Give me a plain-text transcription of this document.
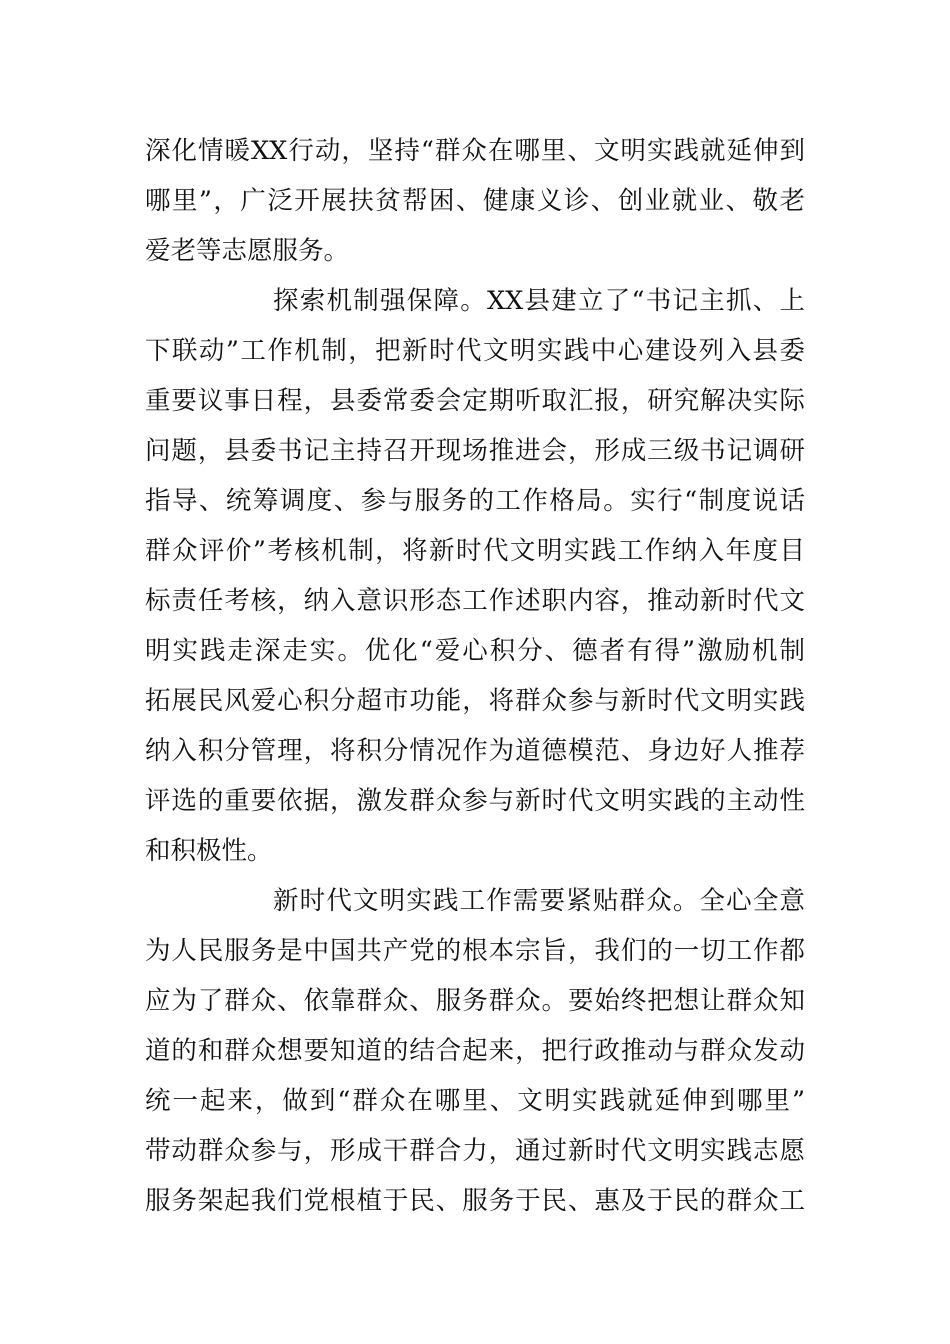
深化情暖XX行动，坚持“群众在哪里、文明实践就延伸到
哪里”，广泛开展扶贫帮困、健康义诊、创业就业、敬老
爱老等志愿服务。
探索机制强保障。XX县建立了“书记主抓、上
下联动”工作机制，把新时代文明实践中心建设列入县委
重要议事日程，县委常委会定期听取汇报，研究解决实际
问题，县委书记主持召开现场推进会，形成三级书记调研
指导、统筹调度、参与服务的工作格局。实行“制度说话
群众评价”考核机制，将新时代文明实践工作纳入年度目
标责任考核，纳入意识形态工作述职内容，推动新时代文
明实践走深走实。优化“爱心积分、德者有得”激励机制
拓展民风爱心积分超市功能，将群众参与新时代文明实践
纳入积分管理，将积分情况作为道德模范、身边好人推荐
评选的重要依据，激发群众参与新时代文明实践的主动性
和积极性。
新时代文明实践工作需要紧贴群众。全心全意
为人民服务是中国共产党的根本宗旨，我们的一切工作都
应为了群众、依靠群众、服务群众。要始终把想让群众知
道的和群众想要知道的结合起来，把行政推动与群众发动
统一起来，做到“群众在哪里、文明实践就延伸到哪里”
带动群众参与，形成干群合力，通过新时代文明实践志愿
服务架起我们党根植于民、服务于民、惠及于民的群众工
